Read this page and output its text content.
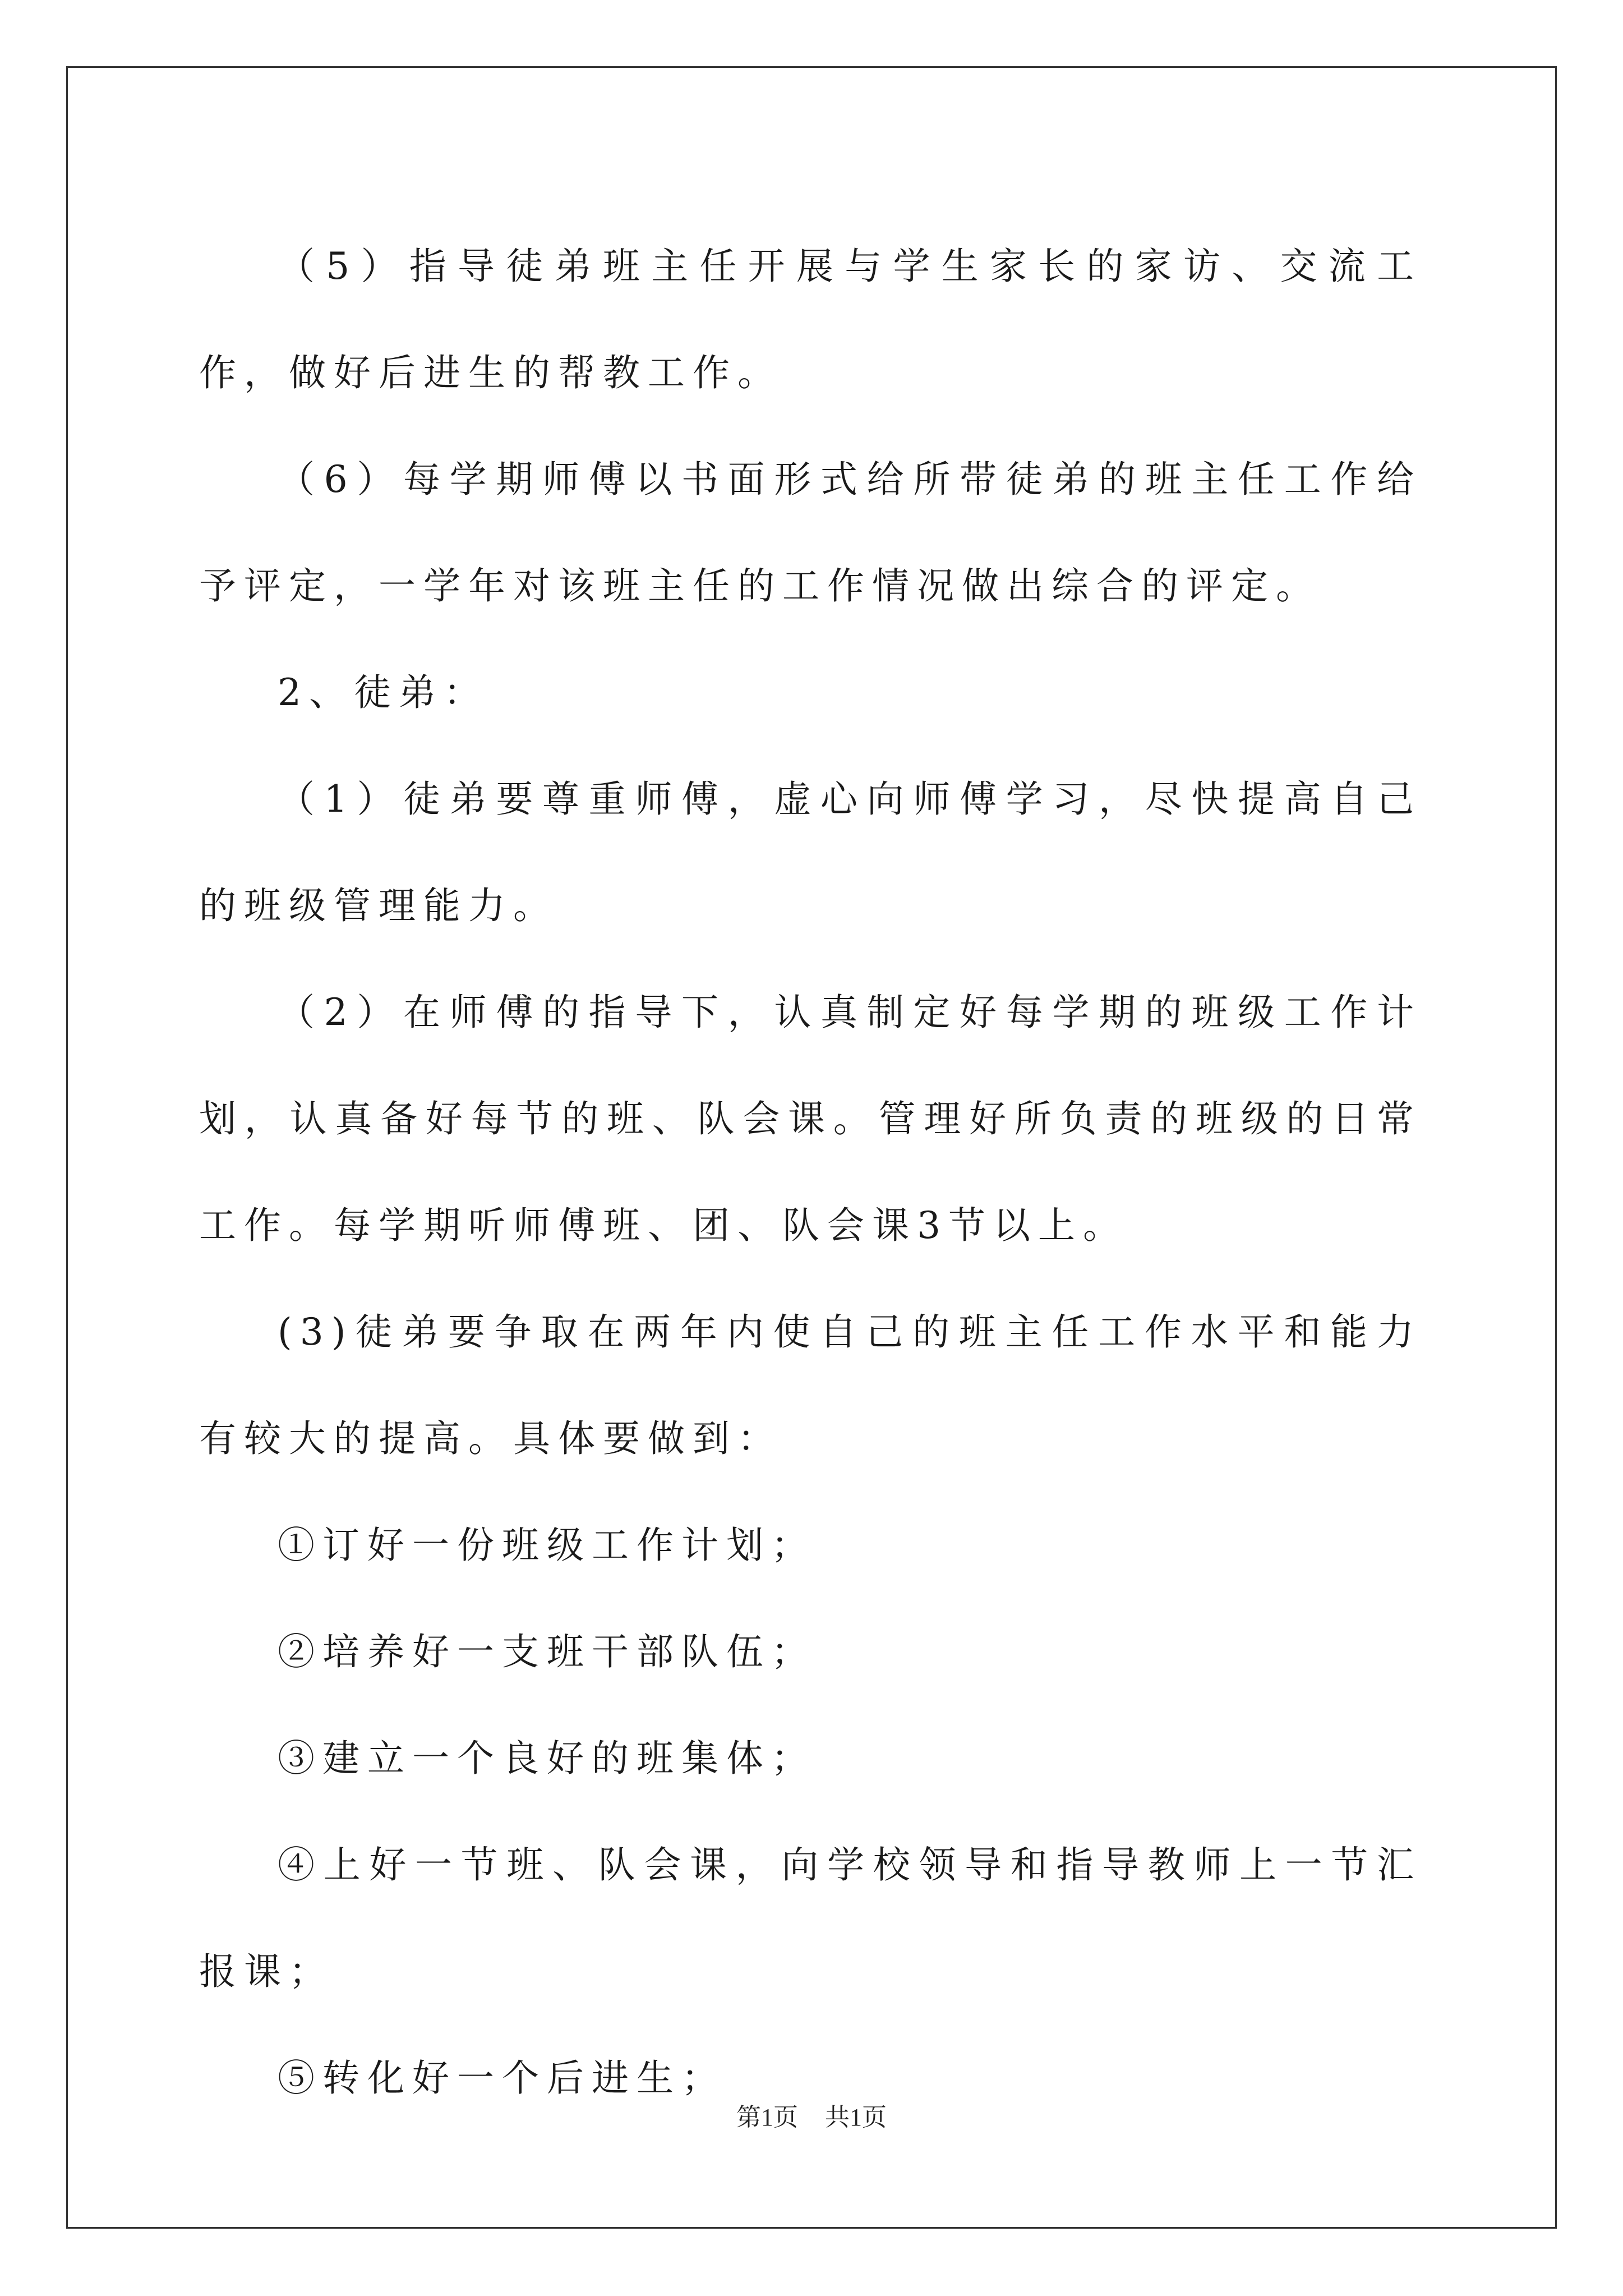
（5）指导徒弟班主任开展与学生家长的家访、交流工作，做好后进生的帮教工作。

（6）每学期师傅以书面形式给所带徒弟的班主任工作给予评定，一学年对该班主任的工作情况做出综合的评定。

2、徒弟：

（1）徒弟要尊重师傅，虚心向师傅学习，尽快提高自己的班级管理能力。

（2）在师傅的指导下，认真制定好每学期的班级工作计划，认真备好每节的班、队会课。管理好所负责的班级的日常工作。每学期听师傅班、团、队会课3节以上。

(3)徒弟要争取在两年内使自己的班主任工作水平和能力有较大的提高。具体要做到：

①订好一份班级工作计划；

②培养好一支班干部队伍；

③建立一个良好的班集体；

④上好一节班、队会课，向学校领导和指导教师上一节汇报课；

⑤转化好一个后进生；

第1页 共1页
